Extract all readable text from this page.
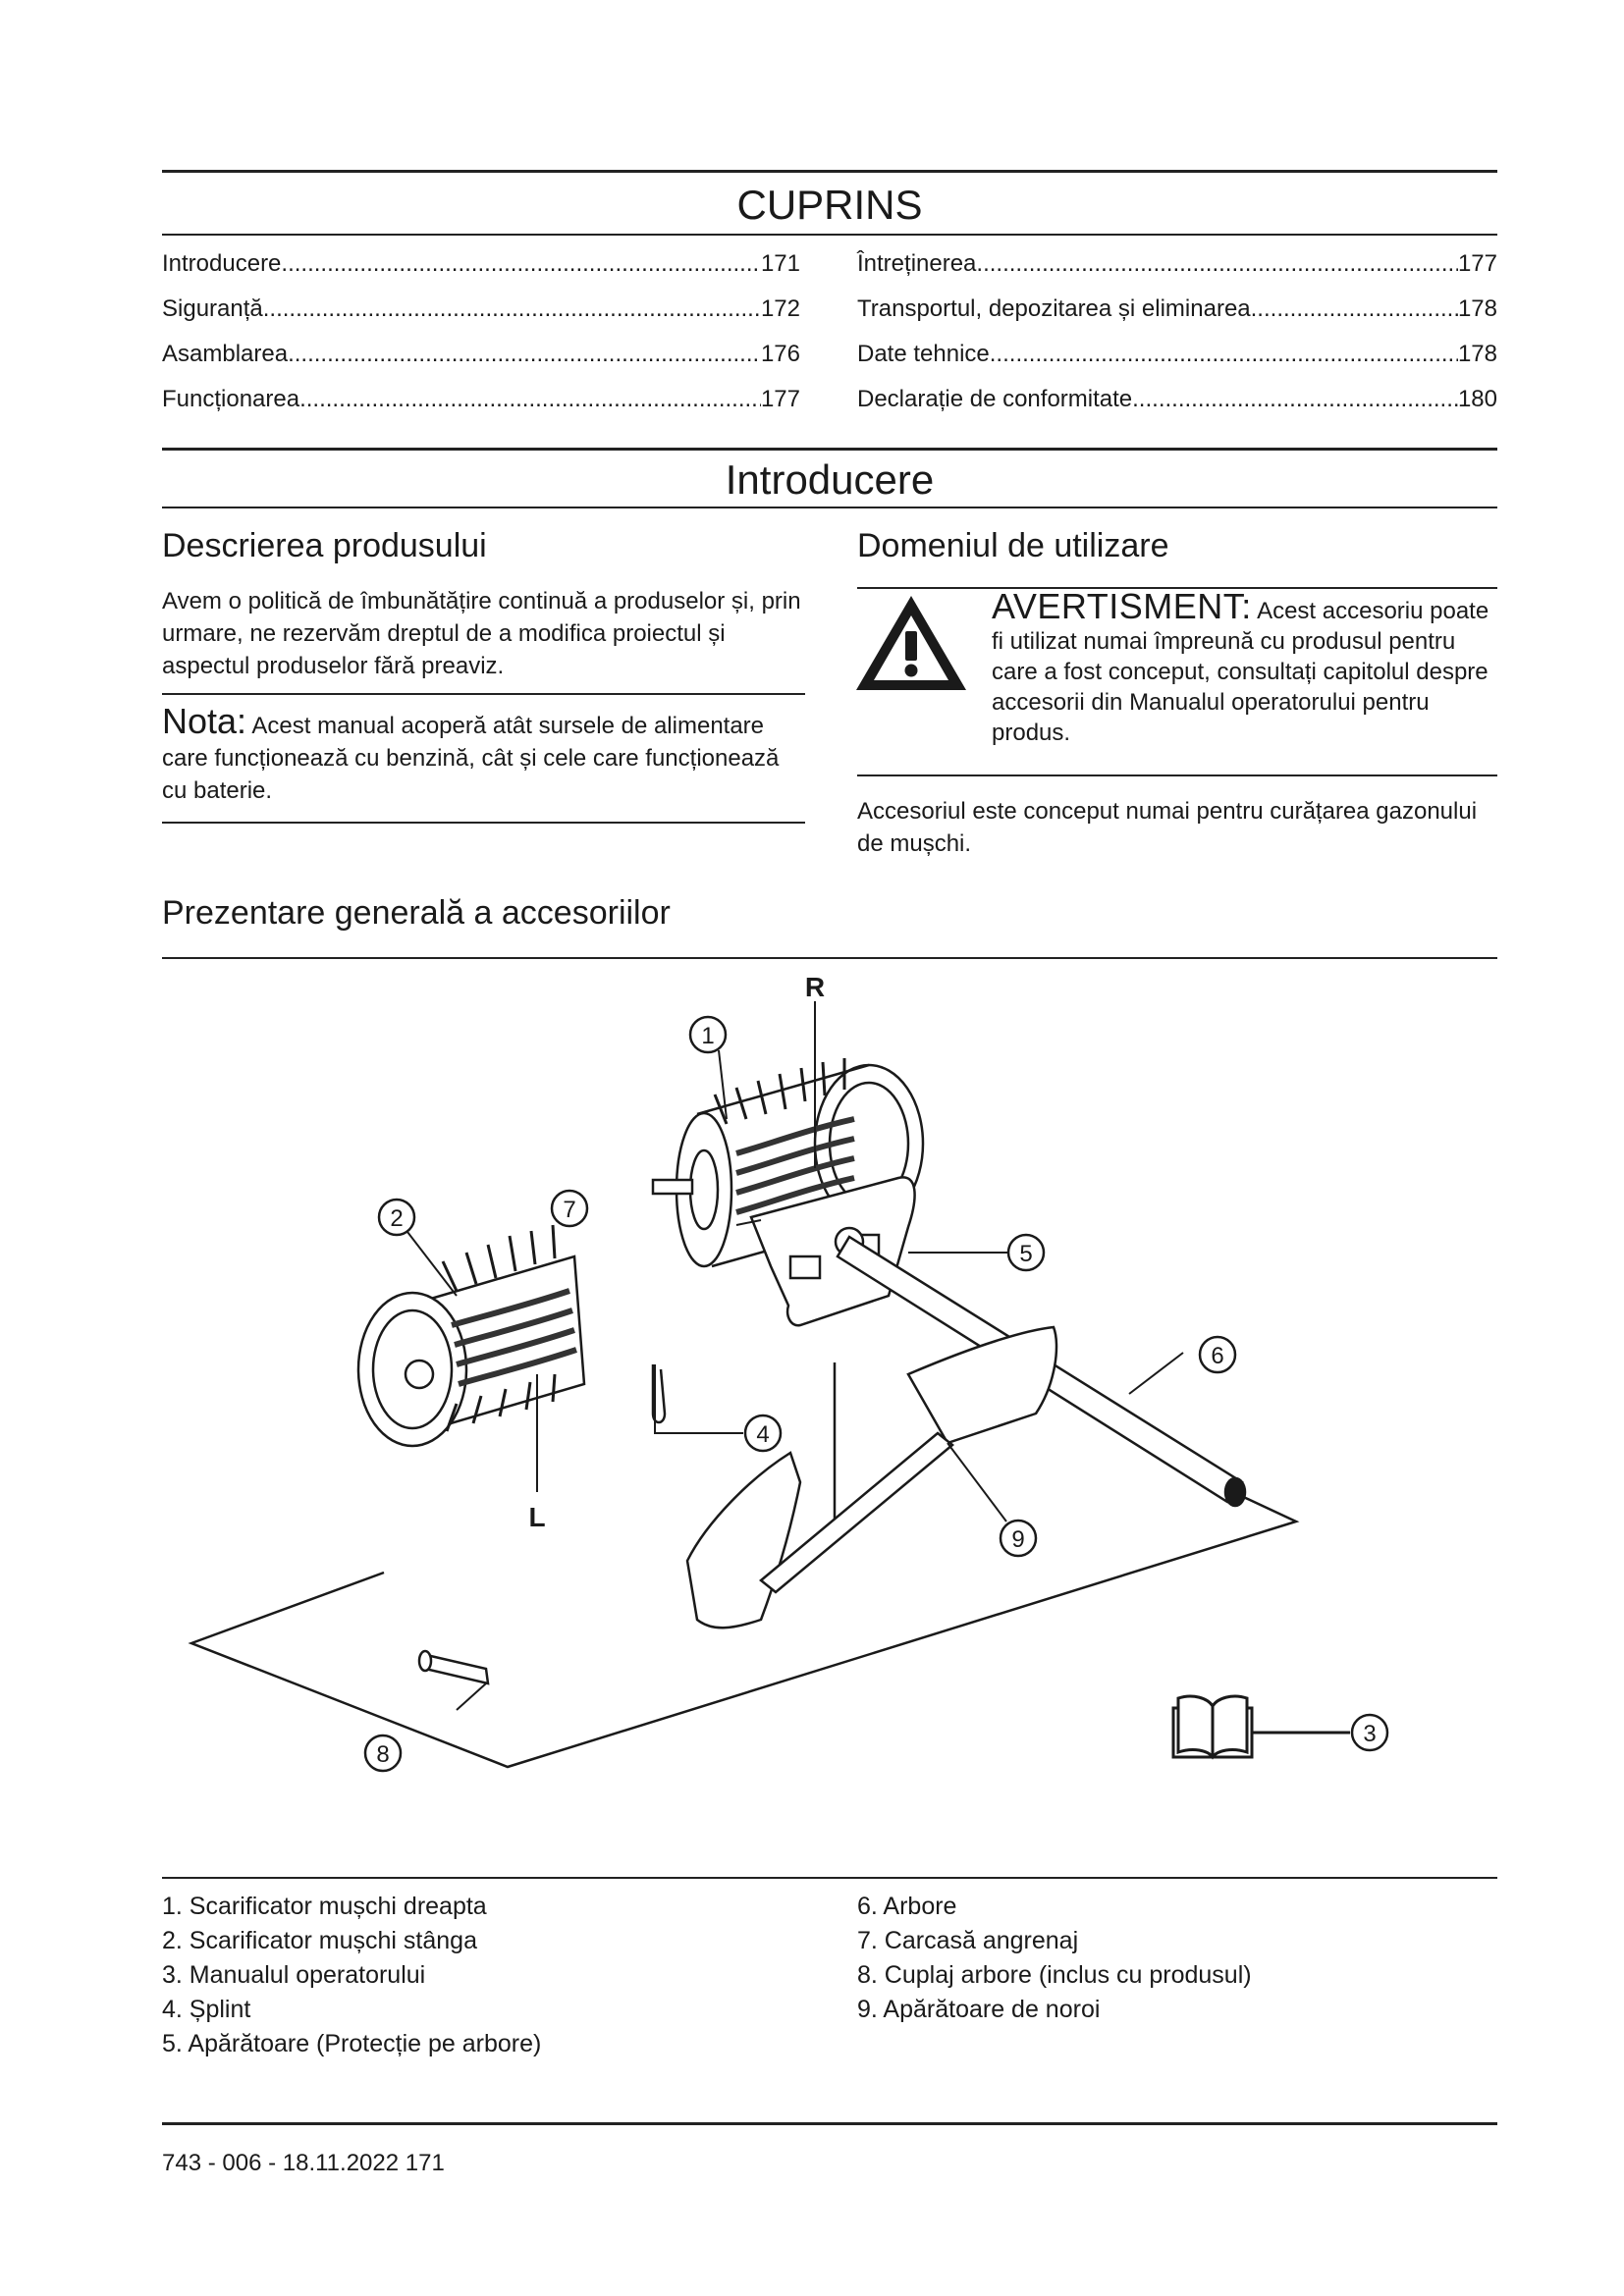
CUPRINS
Introducere .....	171
Siguranță .....	172
Asamblarea .....	176
Funcționarea .....	177
Întreținerea .....	177
Transportul, depozitarea și eliminarea .....	178
Date tehnice .....	178
Declarație de conformitate .....	180
Introducere
Descrierea produsului
Avem o politică de îmbunătățire continuă a produselor și, prin urmare, ne rezervăm dreptul de a modifica proiectul și aspectul produselor fără preaviz.
Nota: Acest manual acoperă atât sursele de alimentare care funcționează cu benzină, cât și cele care funcționează cu baterie.
Domeniul de utilizare
AVERTISMENT: Acest accesoriu poate fi utilizat numai împreună cu produsul pentru care a fost conceput, consultați capitolul despre accesorii din Manualul operatorului pentru produs.
Accesoriul este conceput numai pentru curățarea gazonului de mușchi.
Prezentare generală a accesoriilor
1
2	7
4
5
6
9
8
3
R
L
1. Scarificator mușchi dreapta
2. Scarificator mușchi stânga
3. Manualul operatorului
4. Șplint
5. Apărătoare (Protecție pe arbore)
6. Arbore
7. Carcasă angrenaj
8. Cuplaj arbore (inclus cu produsul)
9. Apărătoare de noroi
743 - 006 - 18.11.2022 171
